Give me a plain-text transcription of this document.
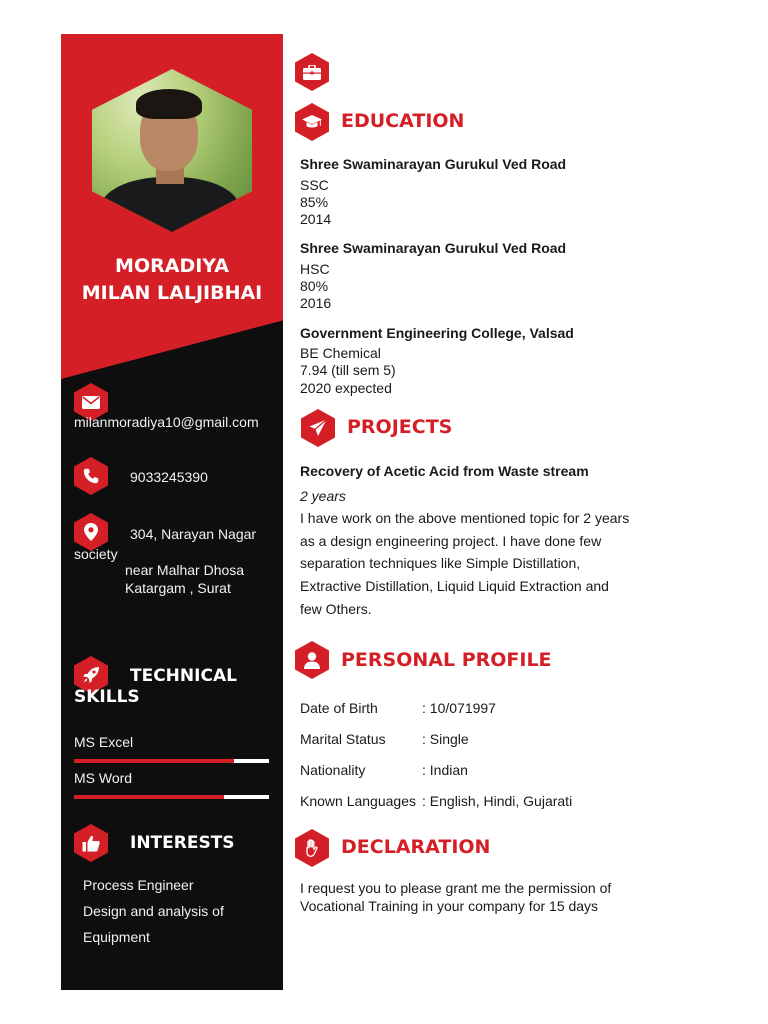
MORADIYA
MILAN LALJIBHAI
milanmoradiya10@gmail.com
9033245390
304, Narayan Nagar
society
near Malhar Dhosa
Katargam , Surat
TECHNICAL
SKILLS
MS Excel
MS Word
INTERESTS
Process Engineer
Design and analysis of
Equipment
EDUCATION
Shree Swaminarayan Gurukul Ved Road
SSC
85%
2014
Shree Swaminarayan Gurukul Ved Road
HSC
80%
2016
Government Engineering College, Valsad
BE Chemical
7.94 (till sem 5)
2020 expected
PROJECTS
Recovery of Acetic Acid from Waste stream
2 years
I have work on the above mentioned topic for 2 years
as a design engineering project. I have done few
separation techniques like Simple Distillation,
Extractive Distillation, Liquid Liquid Extraction and
few Others.
PERSONAL PROFILE
Date of Birth	: 10/071997
Marital Status	: Single
Nationality	: Indian
Known Languages : English, Hindi, Gujarati
DECLARATION
I request you to please grant me the permission of
Vocational Training in your company for 15 days
